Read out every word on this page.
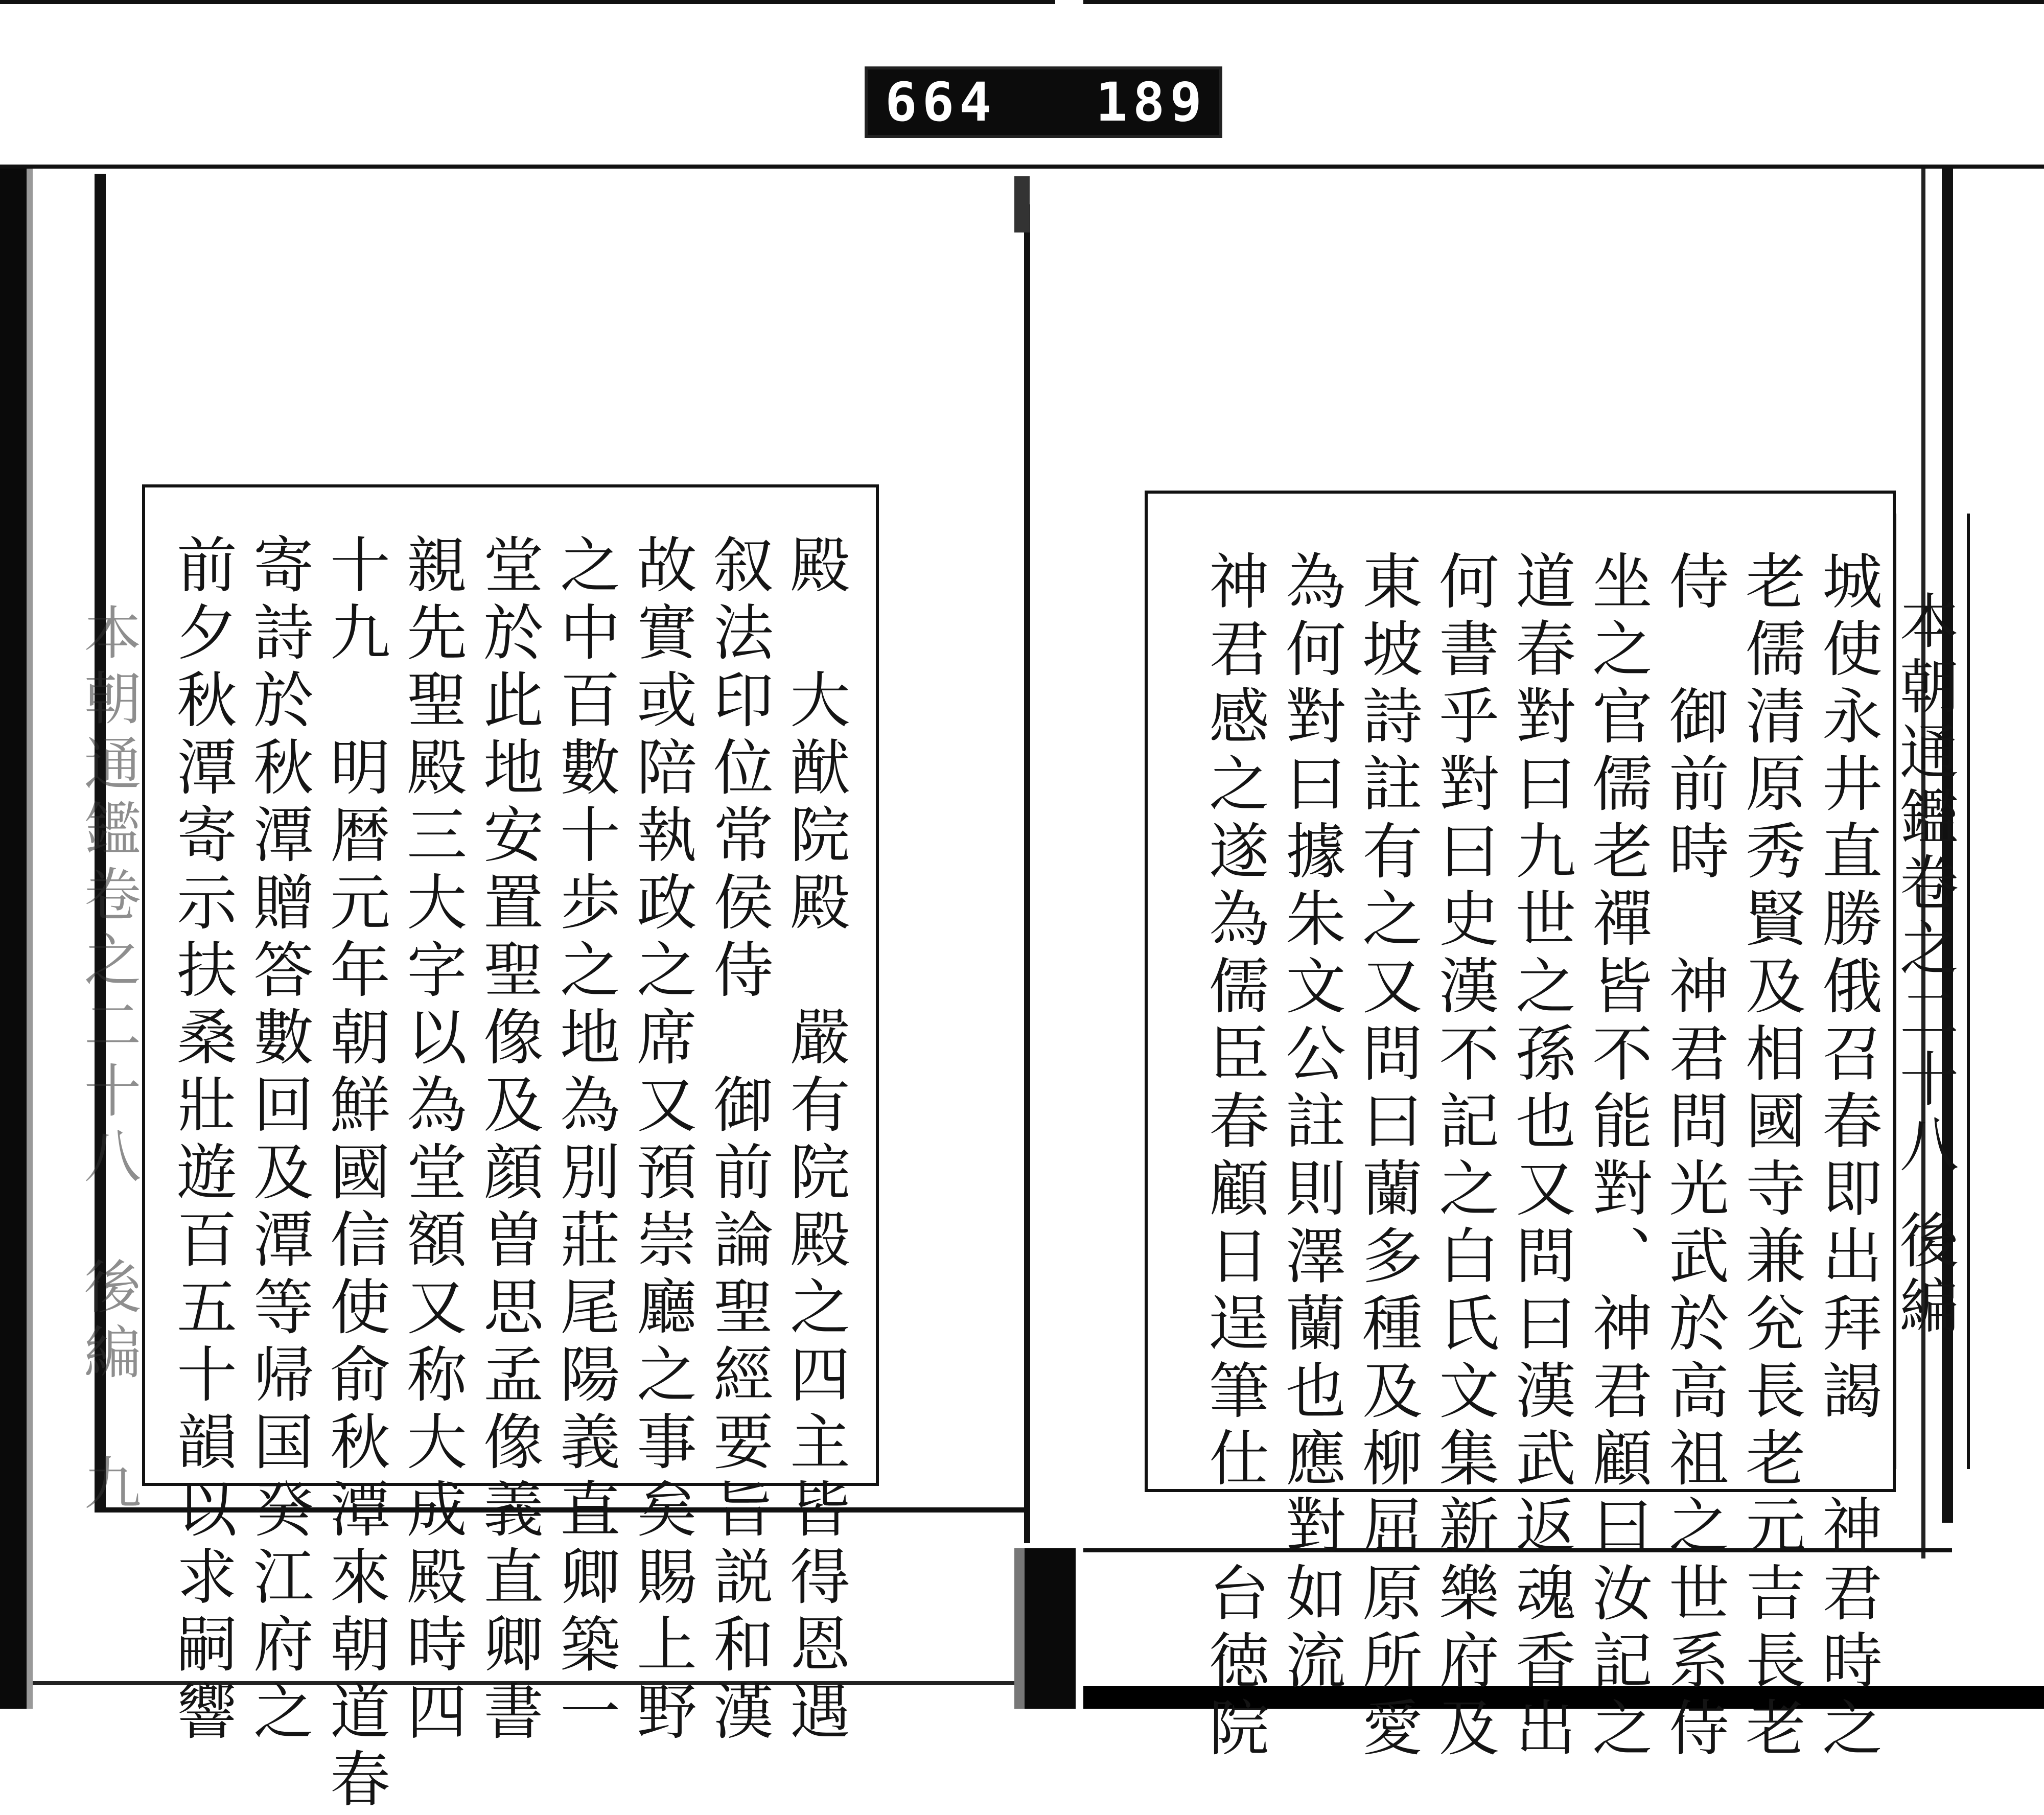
664 189
殿　大猷院殿　嚴有院殿之四主皆得恩遇
叙法印位常侯侍　御前論聖經要旨説和漢
故實或陪執政之席又預崇廳之事矣賜上野
之中百數十歩之地為別莊尾陽義直卿築一
堂於此地安置聖像及顔曽思孟像義直卿書
親先聖殿三大字以為堂額又称大成殿時四
十九　明暦元年朝鮮國信使俞秋潭來朝道春
寄詩於秋潭贈答數回及潭等帰国癸江府之
前夕秋潭寄示扶桑壯遊百五十韻以求嗣響
本朝通鑑卷之二十八　後編　九	城使永井直勝俄召春即出拜謁　神君時之
老儒清原秀賢及相國寺兼兊長老元吉長老
侍　御前時　神君問光武於高祖之世系侍
坐之官儒老禪皆不能對、神君顧曰汝記之
道春對曰九世之孫也又問曰漢武返魂香出
何書乎對曰史漢不記之白氏文集新樂府及
東坡詩註有之又問曰蘭多種及柳屈原所愛
為何對曰據朱文公註則澤蘭也應對如流
神君感之遂為儒臣春顧日逞筆仕　台徳院	本朝通鑑卷之二十八後編
